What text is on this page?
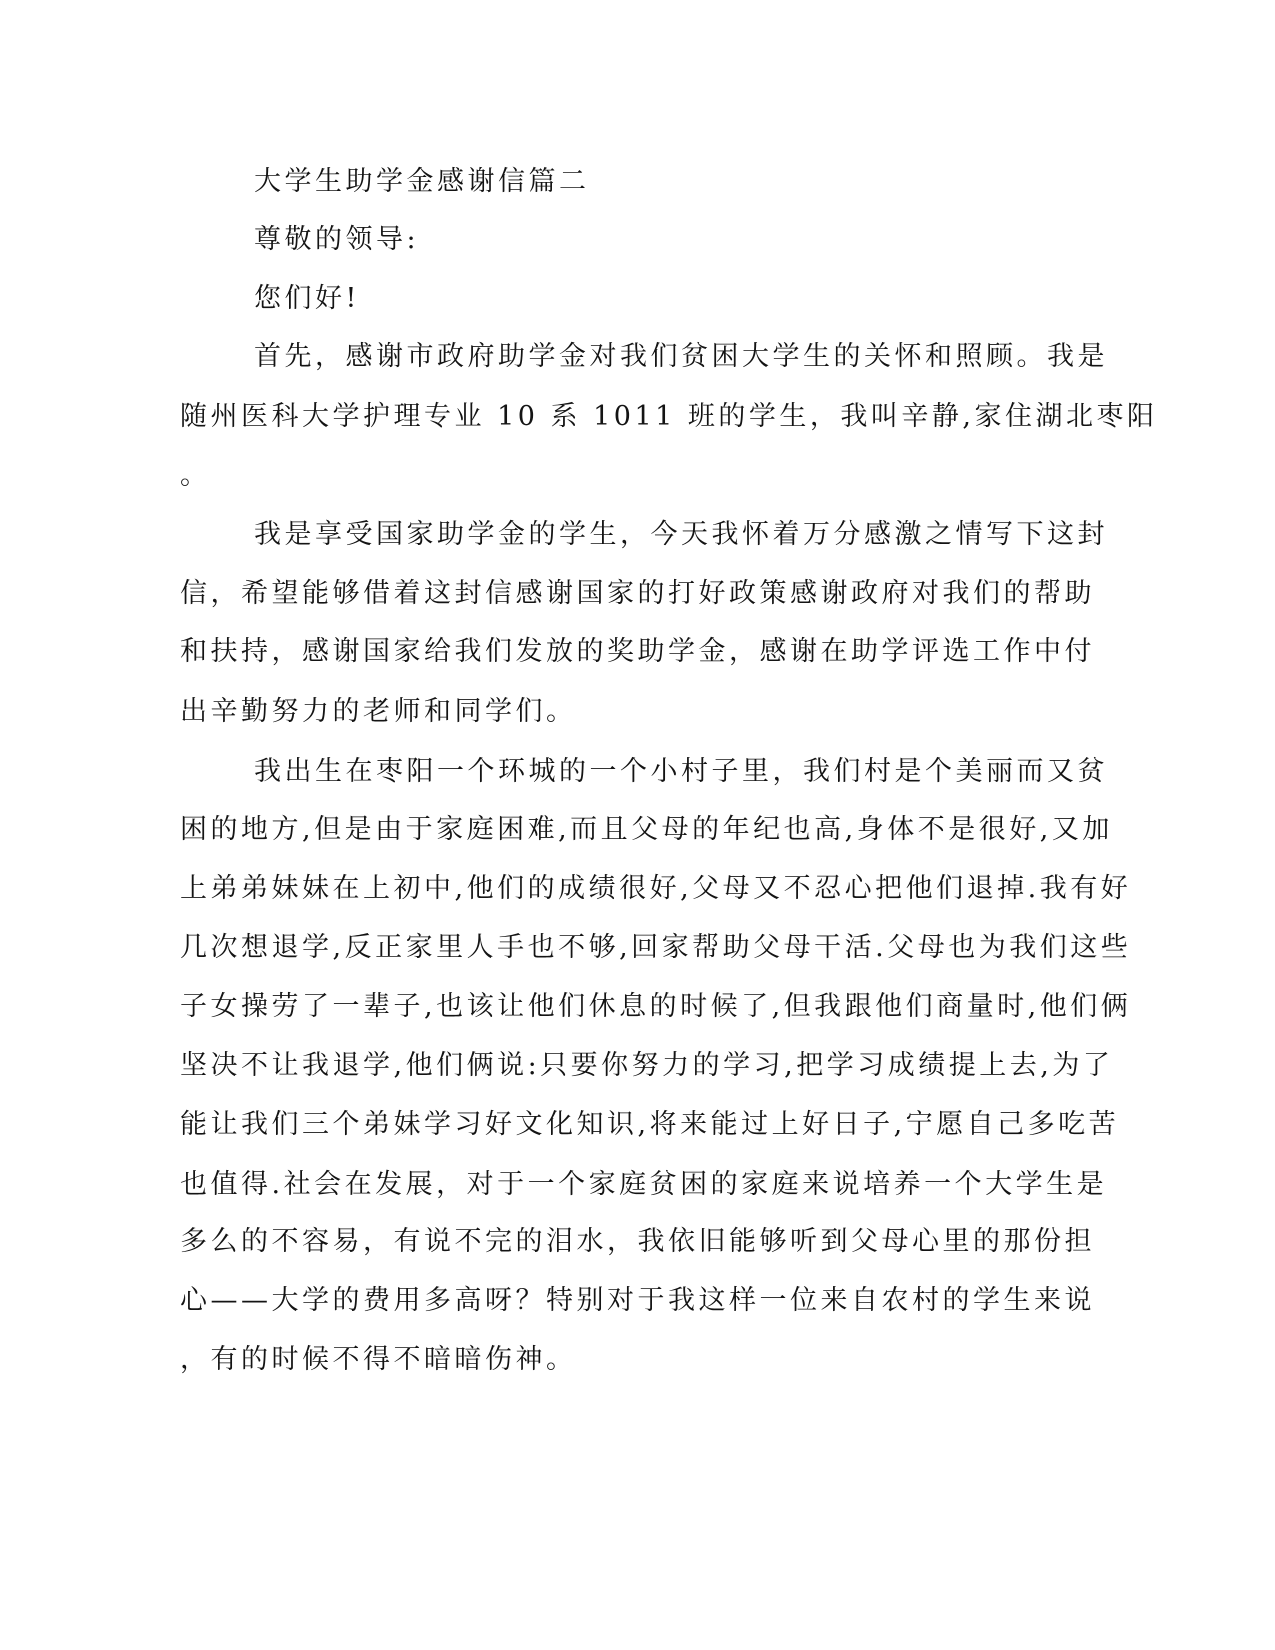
大学生助学金感谢信篇二
尊敬的领导:
您们好!
首先，感谢市政府助学金对我们贫困大学生的关怀和照顾。我是
随州医科大学护理专业 10 系 1011 班的学生，我叫辛静,家住湖北枣阳
。
我是享受国家助学金的学生，今天我怀着万分感激之情写下这封
信，希望能够借着这封信感谢国家的打好政策感谢政府对我们的帮助
和扶持，感谢国家给我们发放的奖助学金，感谢在助学评选工作中付
出辛勤努力的老师和同学们。
我出生在枣阳一个环城的一个小村子里，我们村是个美丽而又贫
困的地方,但是由于家庭困难,而且父母的年纪也高,身体不是很好,又加
上弟弟妹妹在上初中,他们的成绩很好,父母又不忍心把他们退掉.我有好
几次想退学,反正家里人手也不够,回家帮助父母干活.父母也为我们这些
子女操劳了一辈子,也该让他们休息的时候了,但我跟他们商量时,他们俩
坚决不让我退学,他们俩说:只要你努力的学习,把学习成绩提上去,为了
能让我们三个弟妹学习好文化知识,将来能过上好日子,宁愿自己多吃苦
也值得.社会在发展，对于一个家庭贫困的家庭来说培养一个大学生是
多么的不容易，有说不完的泪水，我依旧能够听到父母心里的那份担
心——大学的费用多高呀？特别对于我这样一位来自农村的学生来说
，有的时候不得不暗暗伤神。
